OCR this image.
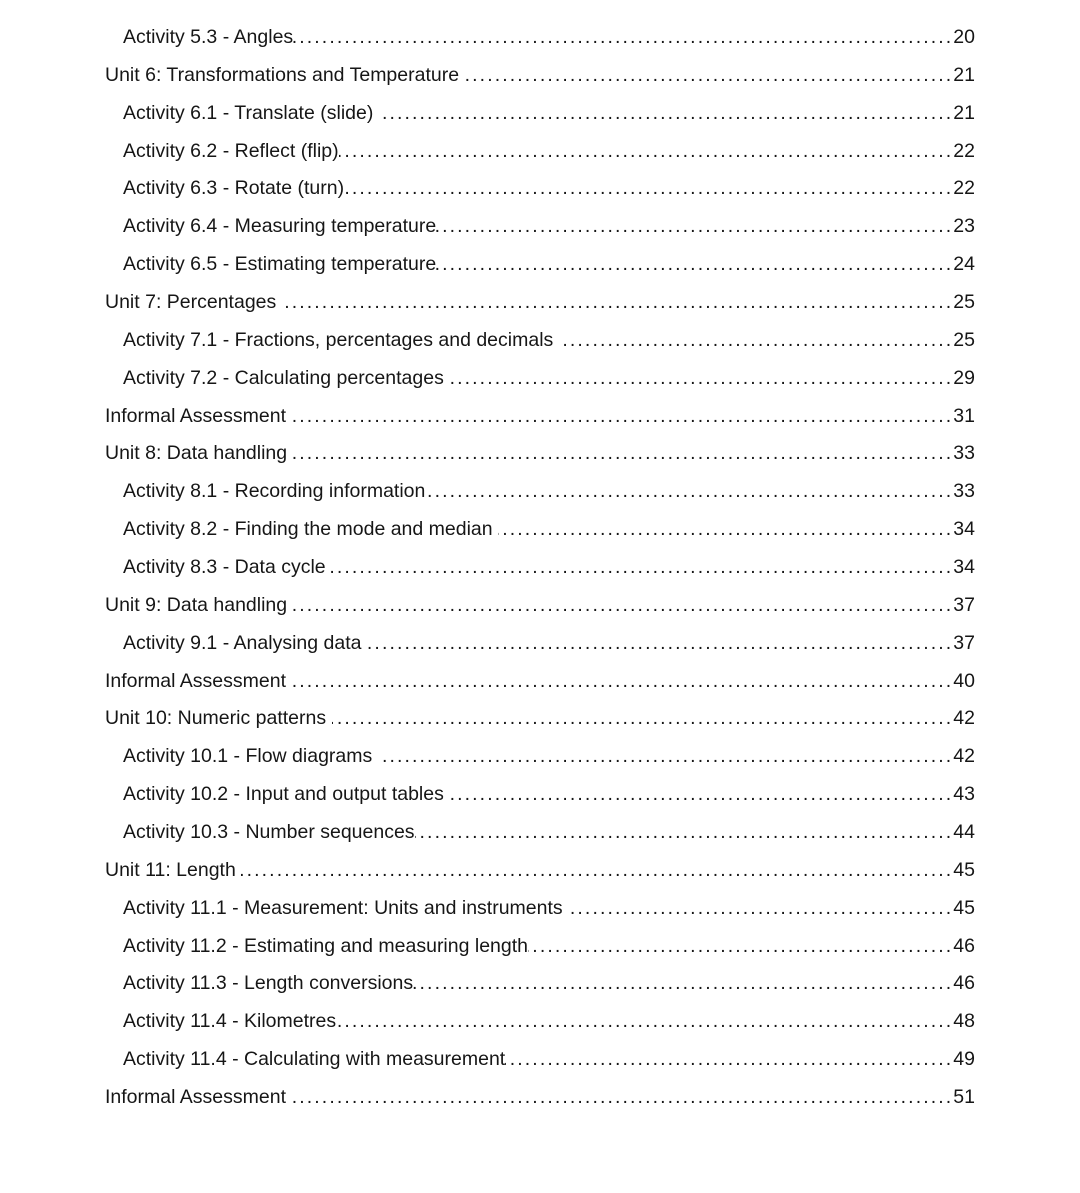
Activity 5.3 - Angles .....	20
Unit 6: Transformations and Temperature .....	21
Activity 6.1 - Translate (slide) .....	21
Activity 6.2 - Reflect (flip) .....	22
Activity 6.3 - Rotate (turn) .....	22
Activity 6.4 - Measuring temperature .....	23
Activity 6.5 - Estimating temperature .....	24
Unit 7: Percentages .....	25
Activity 7.1 - Fractions, percentages and decimals .....	25
Activity 7.2 - Calculating percentages .....	29
Informal Assessment .....	31
Unit 8: Data handling .....	33
Activity 8.1 - Recording information .....	33
Activity 8.2 - Finding the mode and median .....	34
Activity 8.3 - Data cycle .....	34
Unit 9: Data handling .....	37
Activity 9.1 - Analysing data .....	37
Informal Assessment .....	40
Unit 10: Numeric patterns .....	42
Activity 10.1 - Flow diagrams .....	42
Activity 10.2 - Input and output tables .....	43
Activity 10.3 - Number sequences .....	44
Unit 11: Length .....	45
Activity 11.1 - Measurement: Units and instruments .....	45
Activity 11.2 - Estimating and measuring length .....	46
Activity 11.3 - Length conversions .....	46
Activity 11.4 - Kilometres .....	48
Activity 11.4 - Calculating with measurement .....	49
Informal Assessment .....	51
